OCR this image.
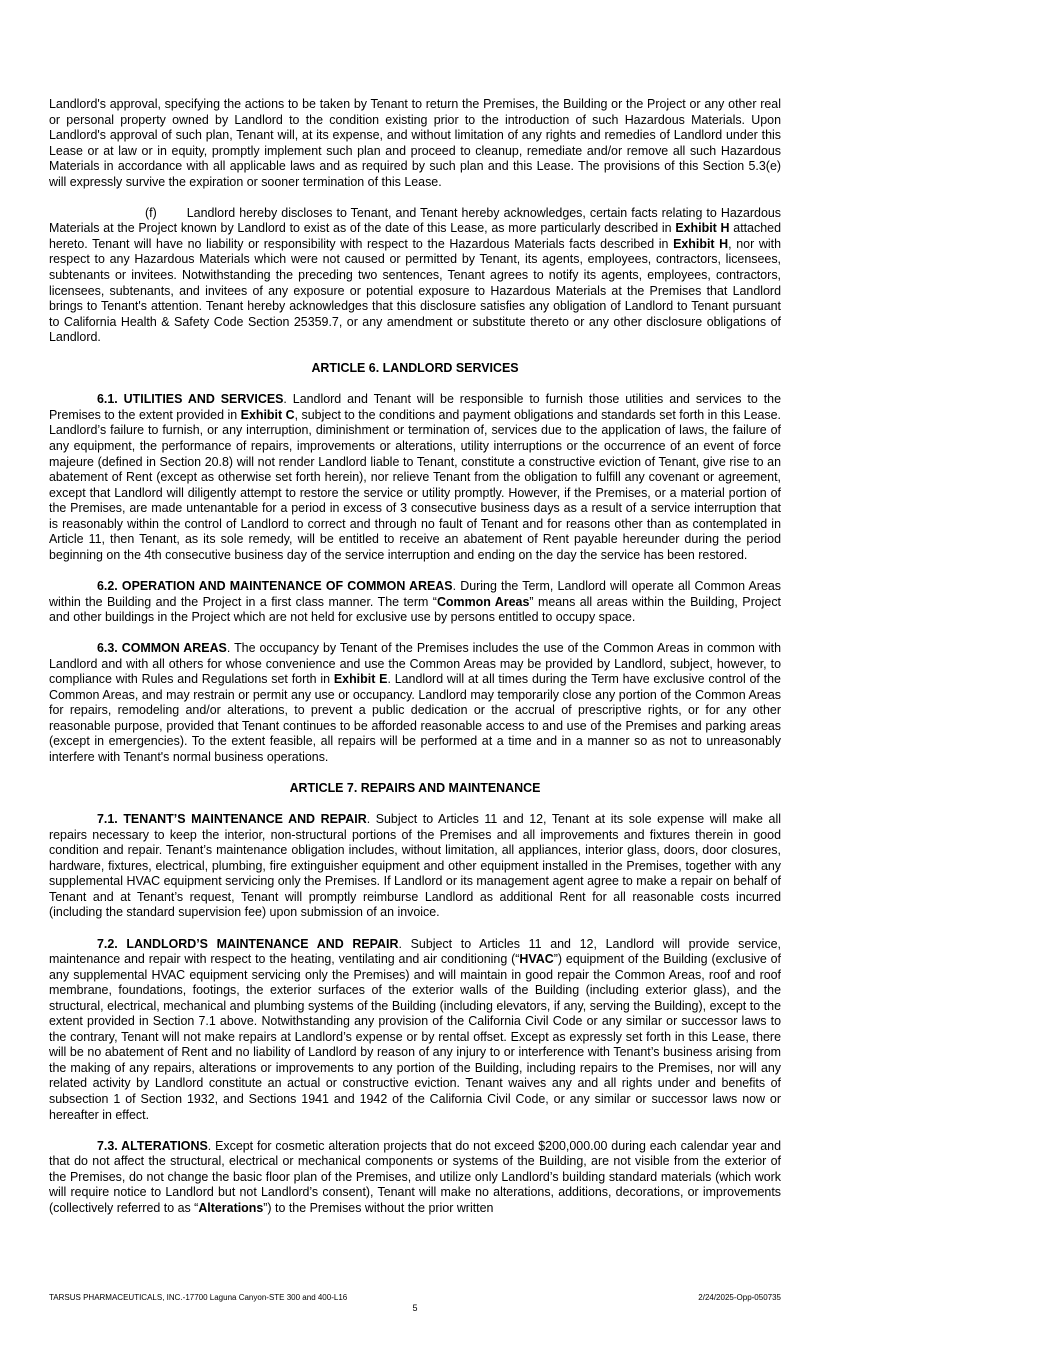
Landlord's approval, specifying the actions to be taken by Tenant to return the Premises, the Building or the Project or any other real or personal property owned by Landlord to the condition existing prior to the introduction of such Hazardous Materials. Upon Landlord's approval of such plan, Tenant will, at its expense, and without limitation of any rights and remedies of Landlord under this Lease or at law or in equity, promptly implement such plan and proceed to cleanup, remediate and/or remove all such Hazardous Materials in accordance with all applicable laws and as required by such plan and this Lease. The provisions of this Section 5.3(e) will expressly survive the expiration or sooner termination of this Lease.

(f) Landlord hereby discloses to Tenant, and Tenant hereby acknowledges, certain facts relating to Hazardous Materials at the Project known by Landlord to exist as of the date of this Lease, as more particularly described in Exhibit H attached hereto. Tenant will have no liability or responsibility with respect to the Hazardous Materials facts described in Exhibit H, nor with respect to any Hazardous Materials which were not caused or permitted by Tenant, its agents, employees, contractors, licensees, subtenants or invitees. Notwithstanding the preceding two sentences, Tenant agrees to notify its agents, employees, contractors, licensees, subtenants, and invitees of any exposure or potential exposure to Hazardous Materials at the Premises that Landlord brings to Tenant's attention. Tenant hereby acknowledges that this disclosure satisfies any obligation of Landlord to Tenant pursuant to California Health & Safety Code Section 25359.7, or any amendment or substitute thereto or any other disclosure obligations of Landlord.

ARTICLE 6. LANDLORD SERVICES

6.1. UTILITIES AND SERVICES. Landlord and Tenant will be responsible to furnish those utilities and services to the Premises to the extent provided in Exhibit C, subject to the conditions and payment obligations and standards set forth in this Lease. Landlord’s failure to furnish, or any interruption, diminishment or termination of, services due to the application of laws, the failure of any equipment, the performance of repairs, improvements or alterations, utility interruptions or the occurrence of an event of force majeure (defined in Section 20.8) will not render Landlord liable to Tenant, constitute a constructive eviction of Tenant, give rise to an abatement of Rent (except as otherwise set forth herein), nor relieve Tenant from the obligation to fulfill any covenant or agreement, except that Landlord will diligently attempt to restore the service or utility promptly. However, if the Premises, or a material portion of the Premises, are made untenantable for a period in excess of 3 consecutive business days as a result of a service interruption that is reasonably within the control of Landlord to correct and through no fault of Tenant and for reasons other than as contemplated in Article 11, then Tenant, as its sole remedy, will be entitled to receive an abatement of Rent payable hereunder during the period beginning on the 4th consecutive business day of the service interruption and ending on the day the service has been restored.

6.2. OPERATION AND MAINTENANCE OF COMMON AREAS. During the Term, Landlord will operate all Common Areas within the Building and the Project in a first class manner. The term “Common Areas” means all areas within the Building, Project and other buildings in the Project which are not held for exclusive use by persons entitled to occupy space.

6.3. COMMON AREAS. The occupancy by Tenant of the Premises includes the use of the Common Areas in common with Landlord and with all others for whose convenience and use the Common Areas may be provided by Landlord, subject, however, to compliance with Rules and Regulations set forth in Exhibit E. Landlord will at all times during the Term have exclusive control of the Common Areas, and may restrain or permit any use or occupancy. Landlord may temporarily close any portion of the Common Areas for repairs, remodeling and/or alterations, to prevent a public dedication or the accrual of prescriptive rights, or for any other reasonable purpose, provided that Tenant continues to be afforded reasonable access to and use of the Premises and parking areas (except in emergencies). To the extent feasible, all repairs will be performed at a time and in a manner so as not to unreasonably interfere with Tenant's normal business operations.

ARTICLE 7. REPAIRS AND MAINTENANCE

7.1. TENANT’S MAINTENANCE AND REPAIR. Subject to Articles 11 and 12, Tenant at its sole expense will make all repairs necessary to keep the interior, non-structural portions of the Premises and all improvements and fixtures therein in good condition and repair. Tenant’s maintenance obligation includes, without limitation, all appliances, interior glass, doors, door closures, hardware, fixtures, electrical, plumbing, fire extinguisher equipment and other equipment installed in the Premises, together with any supplemental HVAC equipment servicing only the Premises. If Landlord or its management agent agree to make a repair on behalf of Tenant and at Tenant’s request, Tenant will promptly reimburse Landlord as additional Rent for all reasonable costs incurred (including the standard supervision fee) upon submission of an invoice.

7.2. LANDLORD’S MAINTENANCE AND REPAIR. Subject to Articles 11 and 12, Landlord will provide service, maintenance and repair with respect to the heating, ventilating and air conditioning (“HVAC”) equipment of the Building (exclusive of any supplemental HVAC equipment servicing only the Premises) and will maintain in good repair the Common Areas, roof and roof membrane, foundations, footings, the exterior surfaces of the exterior walls of the Building (including exterior glass), and the structural, electrical, mechanical and plumbing systems of the Building (including elevators, if any, serving the Building), except to the extent provided in Section 7.1 above. Notwithstanding any provision of the California Civil Code or any similar or successor laws to the contrary, Tenant will not make repairs at Landlord’s expense or by rental offset. Except as expressly set forth in this Lease, there will be no abatement of Rent and no liability of Landlord by reason of any injury to or interference with Tenant’s business arising from the making of any repairs, alterations or improvements to any portion of the Building, including repairs to the Premises, nor will any related activity by Landlord constitute an actual or constructive eviction. Tenant waives any and all rights under and benefits of subsection 1 of Section 1932, and Sections 1941 and 1942 of the California Civil Code, or any similar or successor laws now or hereafter in effect.

7.3. ALTERATIONS. Except for cosmetic alteration projects that do not exceed $200,000.00 during each calendar year and that do not affect the structural, electrical or mechanical components or systems of the Building, are not visible from the exterior of the Premises, do not change the basic floor plan of the Premises, and utilize only Landlord’s building standard materials (which work will require notice to Landlord but not Landlord’s consent), Tenant will make no alterations, additions, decorations, or improvements (collectively referred to as “Alterations”) to the Premises without the prior written

TARSUS PHARMACEUTICALS, INC.-17700 Laguna Canyon-STE 300 and 400-L16	2/24/2025-Opp-050735
5
